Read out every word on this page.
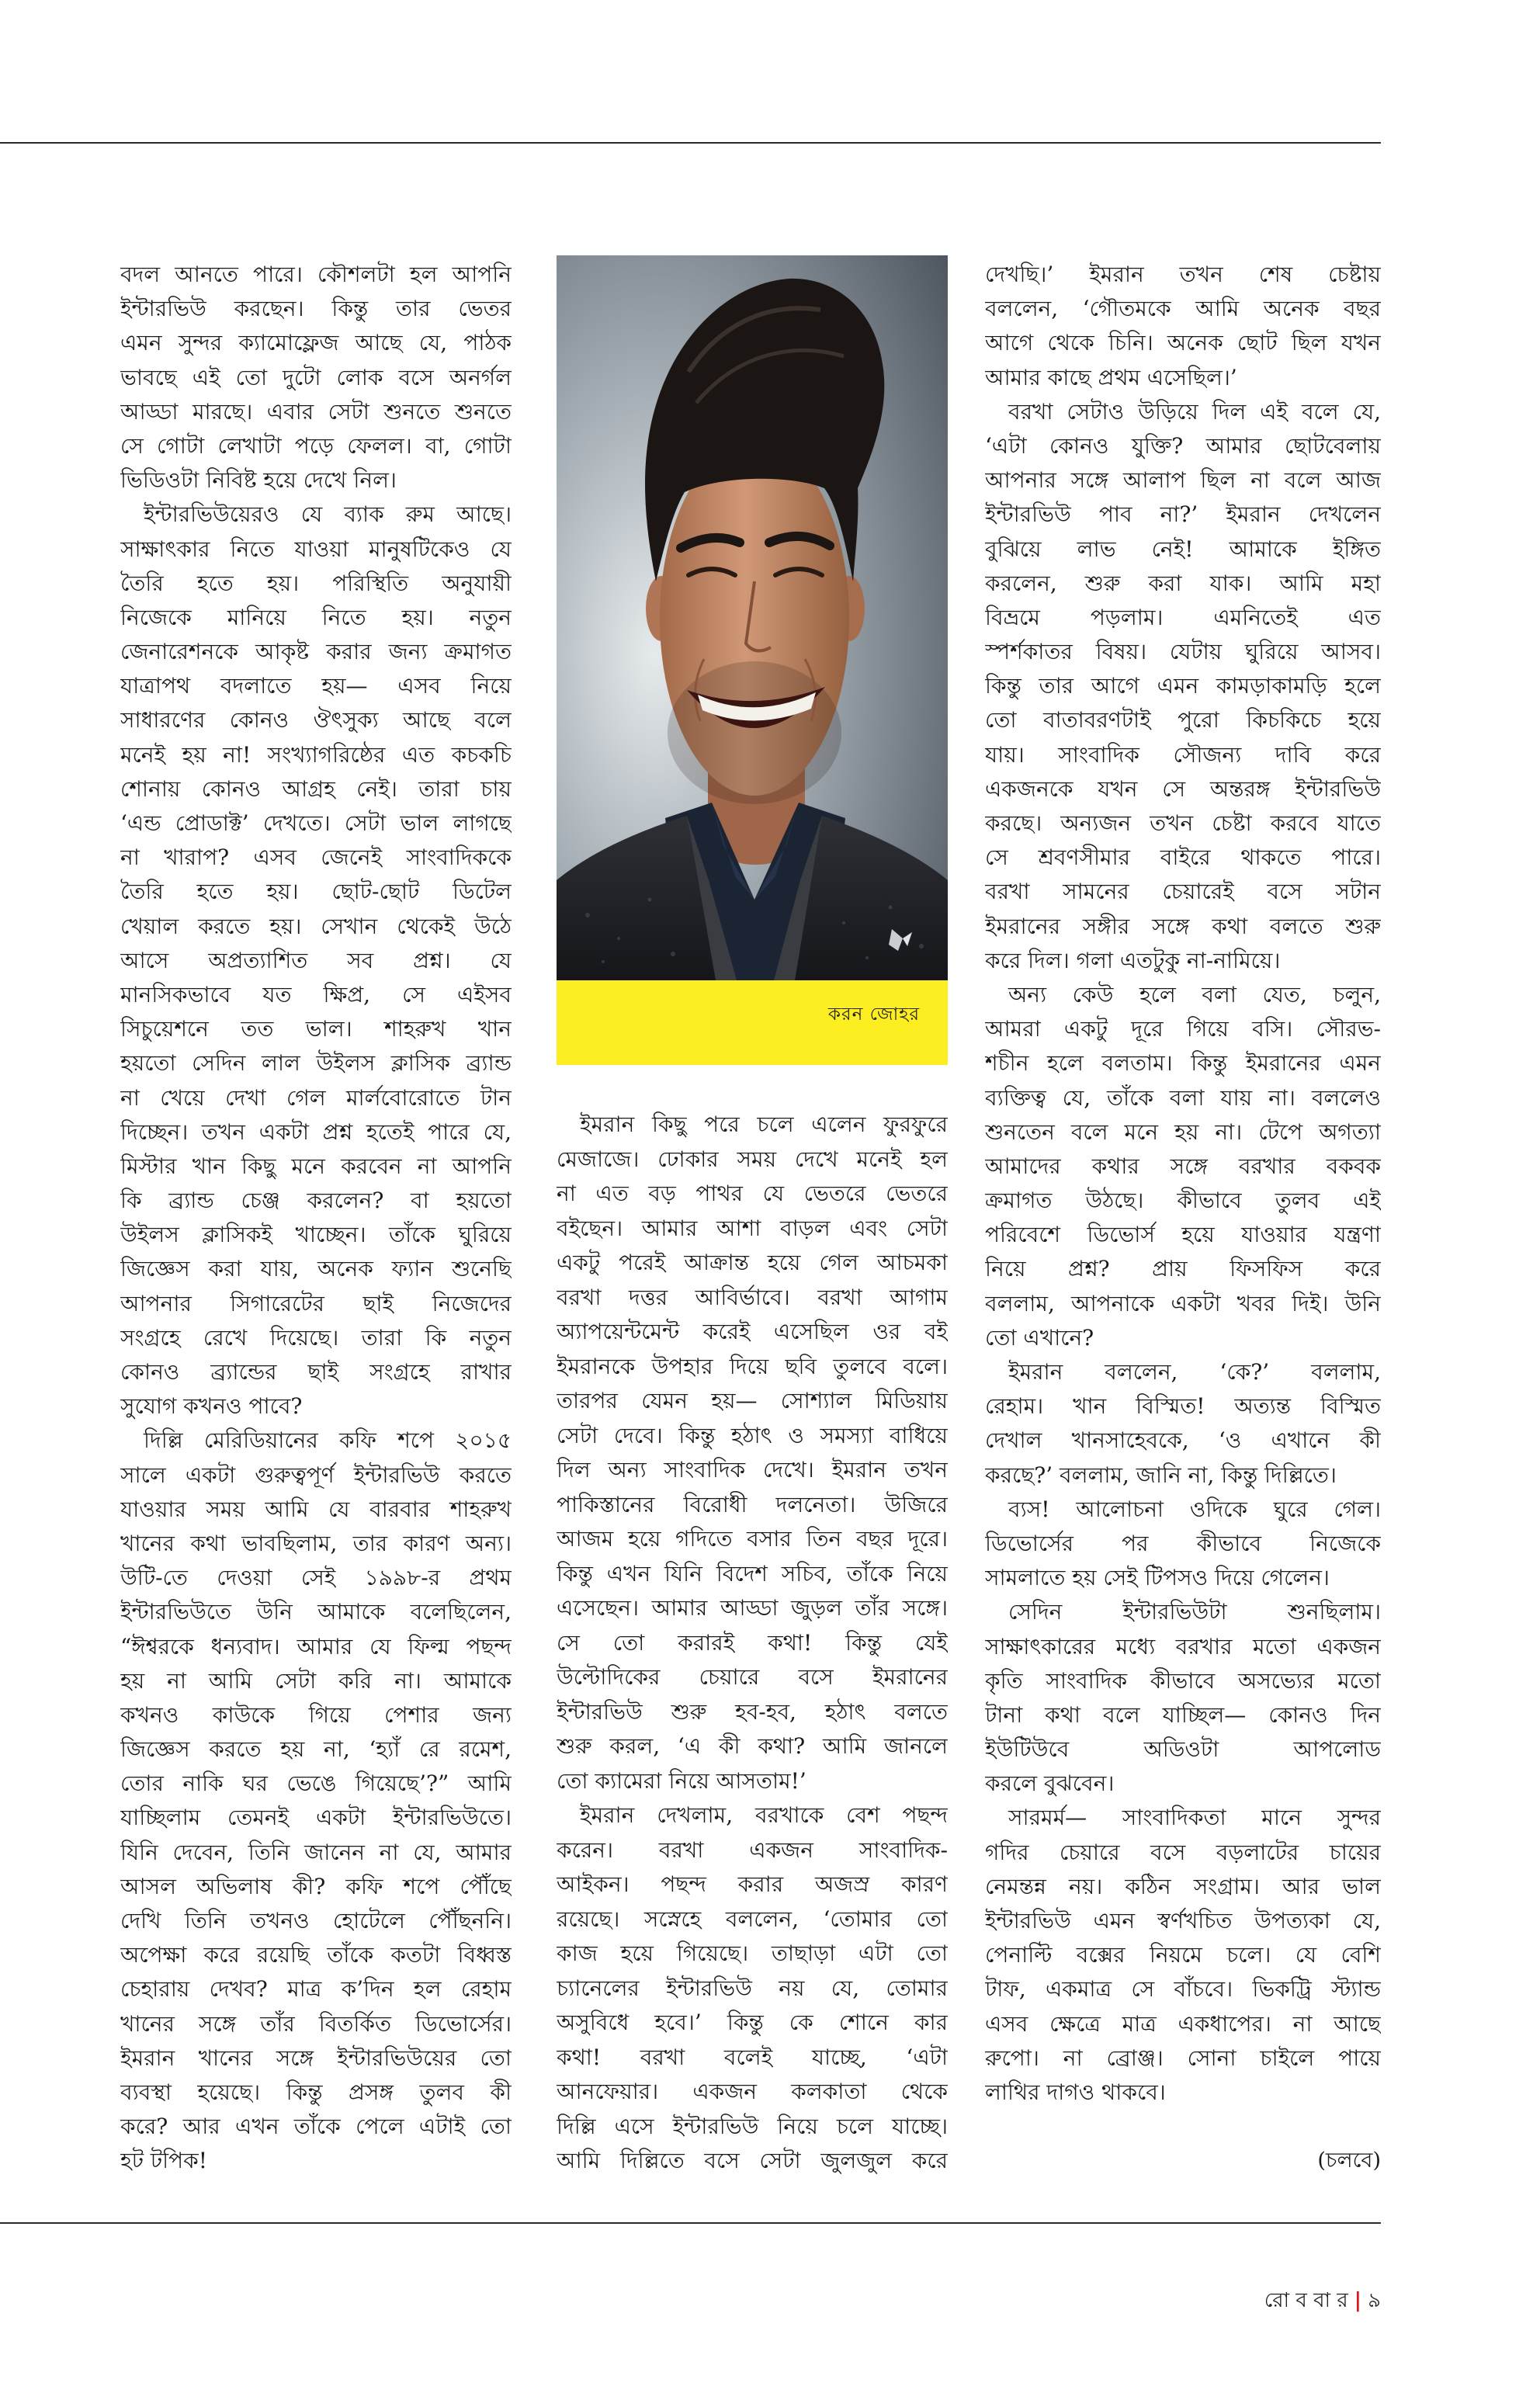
বদল আনতে পারে। কৌশলটা হল আপনি
ইন্টারভিউ করছেন। কিন্তু তার ভেতর
এমন সুন্দর ক্যামোফ্লেজ আছে যে, পাঠক
ভাবছে এই তো দুটো লোক বসে অনর্গল
আড্ডা মারছে। এবার সেটা শুনতে শুনতে
সে গোটা লেখাটা পড়ে ফেলল। বা, গোটা
ভিডিওটা নিবিষ্ট হয়ে দেখে নিল।
ইন্টারভিউয়েরও যে ব্যাক রুম আছে।
সাক্ষাৎকার নিতে যাওয়া মানুষটিকেও যে
তৈরি হতে হয়। পরিস্থিতি অনুযায়ী
নিজেকে মানিয়ে নিতে হয়। নতুন
জেনারেশনকে আকৃষ্ট করার জন্য ক্রমাগত
যাত্রাপথ বদলাতে হয়— এসব নিয়ে
সাধারণের কোনও ঔৎসুক্য আছে বলে
মনেই হয় না! সংখ্যাগরিষ্ঠের এত কচকচি
শোনায় কোনও আগ্রহ নেই। তারা চায়
‘এন্ড প্রোডাক্ট’ দেখতে। সেটা ভাল লাগছে
না খারাপ? এসব জেনেই সাংবাদিককে
তৈরি হতে হয়। ছোট-ছোট ডিটেল
খেয়াল করতে হয়। সেখান থেকেই উঠে
আসে অপ্রত্যাশিত সব প্রশ্ন। যে
মানসিকভাবে যত ক্ষিপ্র, সে এইসব
সিচুয়েশনে তত ভাল। শাহরুখ খান
হয়তো সেদিন লাল উইলস ক্লাসিক ব্র্যান্ড
না খেয়ে দেখা গেল মার্লবোরোতে টান
দিচ্ছেন। তখন একটা প্রশ্ন হতেই পারে যে,
মিস্টার খান কিছু মনে করবেন না আপনি
কি ব্র্যান্ড চেঞ্জ করলেন? বা হয়তো
উইলস ক্লাসিকই খাচ্ছেন। তাঁকে ঘুরিয়ে
জিজ্ঞেস করা যায়, অনেক ফ্যান শুনেছি
আপনার সিগারেটের ছাই নিজেদের
সংগ্রহে রেখে দিয়েছে। তারা কি নতুন
কোনও ব্র্যান্ডের ছাই সংগ্রহে রাখার
সুযোগ কখনও পাবে?
দিল্লি মেরিডিয়ানের কফি শপে ২০১৫
সালে একটা গুরুত্বপূর্ণ ইন্টারভিউ করতে
যাওয়ার সময় আমি যে বারবার শাহরুখ
খানের কথা ভাবছিলাম, তার কারণ অন্য।
উটি-তে দেওয়া সেই ১৯৯৮-র প্রথম
ইন্টারভিউতে উনি আমাকে বলেছিলেন,
“ঈশ্বরকে ধন্যবাদ। আমার যে ফিল্ম পছন্দ
হয় না আমি সেটা করি না। আমাকে
কখনও কাউকে গিয়ে পেশার জন্য
জিজ্ঞেস করতে হয় না, ‘হ্যাঁ রে রমেশ,
তোর নাকি ঘর ভেঙে গিয়েছে’?” আমি
যাচ্ছিলাম তেমনই একটা ইন্টারভিউতে।
যিনি দেবেন, তিনি জানেন না যে, আমার
আসল অভিলাষ কী? কফি শপে পৌঁছে
দেখি তিনি তখনও হোটেলে পৌঁছননি।
অপেক্ষা করে রয়েছি তাঁকে কতটা বিধ্বস্ত
চেহারায় দেখব? মাত্র ক’দিন হল রেহাম
খানের সঙ্গে তাঁর বিতর্কিত ডিভোর্সের।
ইমরান খানের সঙ্গে ইন্টারভিউয়ের তো
ব্যবস্থা হয়েছে। কিন্তু প্রসঙ্গ তুলব কী
করে? আর এখন তাঁকে পেলে এটাই তো
হট টপিক!
করন জোহর
ইমরান কিছু পরে চলে এলেন ফুরফুরে
মেজাজে। ঢোকার সময় দেখে মনেই হল
না এত বড় পাথর যে ভেতরে ভেতরে
বইছেন। আমার আশা বাড়ল এবং সেটা
একটু পরেই আক্রান্ত হয়ে গেল আচমকা
বরখা দত্তর আবির্ভাবে। বরখা আগাম
অ্যাপয়েন্টমেন্ট করেই এসেছিল ওর বই
ইমরানকে উপহার দিয়ে ছবি তুলবে বলে।
তারপর যেমন হয়— সোশ্যাল মিডিয়ায়
সেটা দেবে। কিন্তু হঠাৎ ও সমস্যা বাধিয়ে
দিল অন্য সাংবাদিক দেখে। ইমরান তখন
পাকিস্তানের বিরোধী দলনেতা। উজিরে
আজম হয়ে গদিতে বসার তিন বছর দূরে।
কিন্তু এখন যিনি বিদেশ সচিব, তাঁকে নিয়ে
এসেছেন। আমার আড্ডা জুড়ল তাঁর সঙ্গে।
সে তো করারই কথা! কিন্তু যেই
উল্টোদিকের চেয়ারে বসে ইমরানের
ইন্টারভিউ শুরু হব-হব, হঠাৎ বলতে
শুরু করল, ‘এ কী কথা? আমি জানলে
তো ক্যামেরা নিয়ে আসতাম!’
ইমরান দেখলাম, বরখাকে বেশ পছন্দ
করেন। বরখা একজন সাংবাদিক-
আইকন। পছন্দ করার অজস্র কারণ
রয়েছে। সস্নেহে বললেন, ‘তোমার তো
কাজ হয়ে গিয়েছে। তাছাড়া এটা তো
চ্যানেলের ইন্টারভিউ নয় যে, তোমার
অসুবিধে হবে।’ কিন্তু কে শোনে কার
কথা! বরখা বলেই যাচ্ছে, ‘এটা
আনফেয়ার। একজন কলকাতা থেকে
দিল্লি এসে ইন্টারভিউ নিয়ে চলে যাচ্ছে।
আমি দিল্লিতে বসে সেটা জুলজুল করে
দেখছি।’ ইমরান তখন শেষ চেষ্টায়
বললেন, ‘গৌতমকে আমি অনেক বছর
আগে থেকে চিনি। অনেক ছোট ছিল যখন
আমার কাছে প্রথম এসেছিল।’
বরখা সেটাও উড়িয়ে দিল এই বলে যে,
‘এটা কোনও যুক্তি? আমার ছোটবেলায়
আপনার সঙ্গে আলাপ ছিল না বলে আজ
ইন্টারভিউ পাব না?’ ইমরান দেখলেন
বুঝিয়ে লাভ নেই! আমাকে ইঙ্গিত
করলেন, শুরু করা যাক। আমি মহা
বিভ্রমে পড়লাম। এমনিতেই এত
স্পর্শকাতর বিষয়। যেটায় ঘুরিয়ে আসব।
কিন্তু তার আগে এমন কামড়াকামড়ি হলে
তো বাতাবরণটাই পুরো কিচকিচে হয়ে
যায়। সাংবাদিক সৌজন্য দাবি করে
একজনকে যখন সে অন্তরঙ্গ ইন্টারভিউ
করছে। অন্যজন তখন চেষ্টা করবে যাতে
সে শ্রবণসীমার বাইরে থাকতে পারে।
বরখা সামনের চেয়ারেই বসে সটান
ইমরানের সঙ্গীর সঙ্গে কথা বলতে শুরু
করে দিল। গলা এতটুকু না-নামিয়ে।
অন্য কেউ হলে বলা যেত, চলুন,
আমরা একটু দূরে গিয়ে বসি। সৌরভ-
শচীন হলে বলতাম। কিন্তু ইমরানের এমন
ব্যক্তিত্ব যে, তাঁকে বলা যায় না। বললেও
শুনতেন বলে মনে হয় না। টেপে অগত্যা
আমাদের কথার সঙ্গে বরখার বকবক
ক্রমাগত উঠছে। কীভাবে তুলব এই
পরিবেশে ডিভোর্স হয়ে যাওয়ার যন্ত্রণা
নিয়ে প্রশ্ন? প্রায় ফিসফিস করে
বললাম, আপনাকে একটা খবর দিই। উনি
তো এখানে?
ইমরান বললেন, ‘কে?’ বললাম,
রেহাম। খান বিস্মিত! অত্যন্ত বিস্মিত
দেখাল খানসাহেবকে, ‘ও এখানে কী
করছে?’ বললাম, জানি না, কিন্তু দিল্লিতে।
ব্যস! আলোচনা ওদিকে ঘুরে গেল।
ডিভোর্সের পর কীভাবে নিজেকে
সামলাতে হয় সেই টিপসও দিয়ে গেলেন।
সেদিন ইন্টারভিউটা শুনছিলাম।
সাক্ষাৎকারের মধ্যে বরখার মতো একজন
কৃতি সাংবাদিক কীভাবে অসভ্যের মতো
টানা কথা বলে যাচ্ছিল— কোনও দিন
ইউটিউবে অডিওটা আপলোড
করলে বুঝবেন।
সারমর্ম— সাংবাদিকতা মানে সুন্দর
গদির চেয়ারে বসে বড়লাটের চায়ের
নেমন্তন্ন নয়। কঠিন সংগ্রাম। আর ভাল
ইন্টারভিউ এমন স্বর্ণখচিত উপত্যকা যে,
পেনাল্টি বক্সের নিয়মে চলে। যে বেশি
টাফ, একমাত্র সে বাঁচবে। ভিকট্রি স্ট্যান্ড
এসব ক্ষেত্রে মাত্র একধাপের। না আছে
রুপো। না ব্রোঞ্জ। সোনা চাইলে পায়ে
লাথির দাগও থাকবে।
(চলবে)
রো ব বা র | ৯
